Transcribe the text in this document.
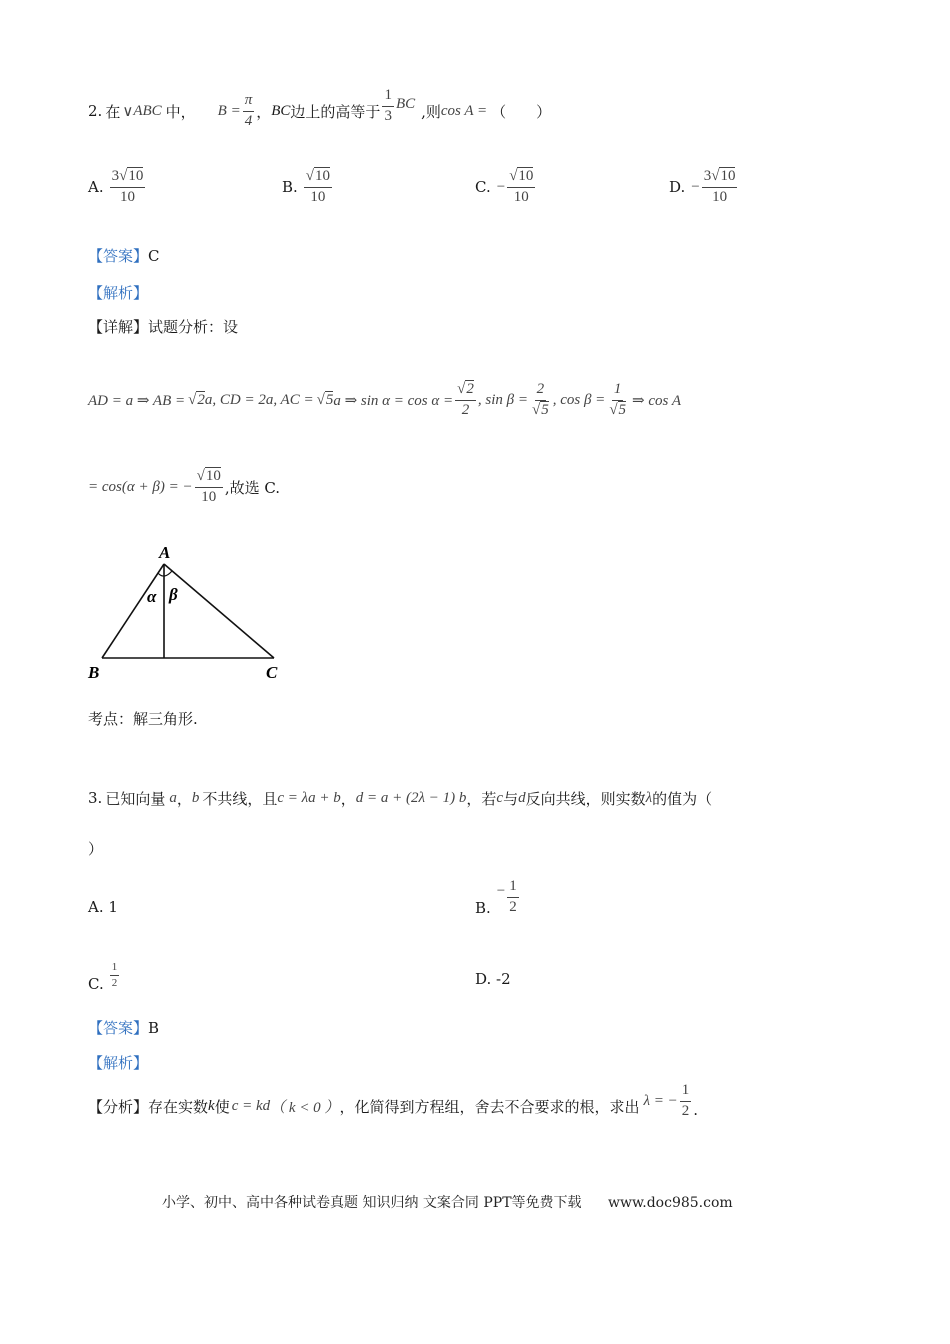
2. 在 ∨ ABC 中， $B = \frac{\pi}{4}$ ， BC 边上的高等于 $\frac{1}{3}$ BC ,则 cos A = （　　）
A. $\frac{3√10}{10}$	B. $\frac{√10}{10}$	C. − $\frac{√10}{10}$	D. − $\frac{3√10}{10}$
【答案】C
【解析】
【详解】试题分析：设
AD = a ⇒ AB = √2 a, CD = 2a, AC = √5 a ⇒ $\sin \alpha = \cos \alpha = \frac{√2}{2}$ , $\sin \beta = \frac{2}{√5}$ , $\cos \beta = \frac{1}{√5}$ ⇒ cos A
= cos(α + β) = − $\frac{√10}{10}$ ,故选 C.
A
B	C
α β
考点：解三角形.
3. 已知向量 a ， b 不共线，且 c = λa + b ， d = a + (2λ − 1) b ，若 c 与 d 反向共线，则实数 λ 的值为（
）
A. 1	B.
− $\frac{1}{2}$
C. $\frac{1}{2}$	D. -2
【答案】B
【解析】
【分析】 存在实数 k 使 c = kd （ k < 0 ） ，化简得到方程组，舍去不合要求的根，求出 λ = − $\frac{1}{2}$ .
小学、初中、高中各种试卷真题 知识归纳 文案合同 PPT等免费下载 www.doc985.com
